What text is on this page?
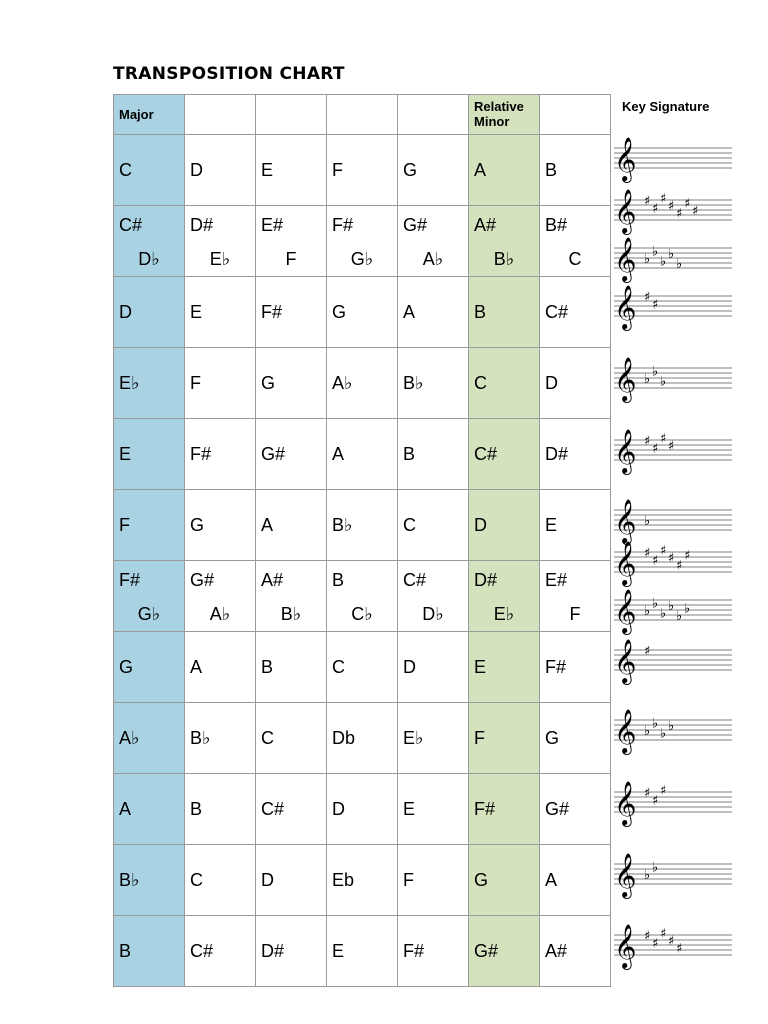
TRANSPOSITION CHART
Major					Relative Minor	
C	D	E	F	G	A	B
C#	D#	E#	F#	G#	A#	B#
D♭	E♭	F	G♭	A♭	B♭	C
D	E	F#	G	A	B	C#
E♭	F	G	A♭	B♭	C	D
E	F#	G#	A	B	C#	D#
F	G	A	B♭	C	D	E
F#	G#	A#	B	C#	D#	E#
G♭	A♭	B♭	C♭	D♭	E♭	F
G	A	B	C	D	E	F#
A♭	B♭	C	Db	E♭	F	G
A	B	C#	D	E	F#	G#
B♭	C	D	Eb	F	G	A
B	C#	D#	E	F#	G#	A#
Key Signature
𝄞
𝄞 ♯ ♯
♯ ♯ ♯
♯ ♯
𝄞 ♭ ♭
♭ ♭
♭
𝄞 ♯ ♯
𝄞 ♭ ♭
♭
𝄞 ♯ ♯
♯ ♯
𝄞 ♭
𝄞 ♯ ♯
♯ ♯ ♯
♯
𝄞 ♭ ♭
♭ ♭
♭ ♭
𝄞 ♯
𝄞 ♭ ♭
♭ ♭
𝄞 ♯ ♯
♯
𝄞 ♭ ♭
𝄞 ♯ ♯
♯ ♯ ♯
